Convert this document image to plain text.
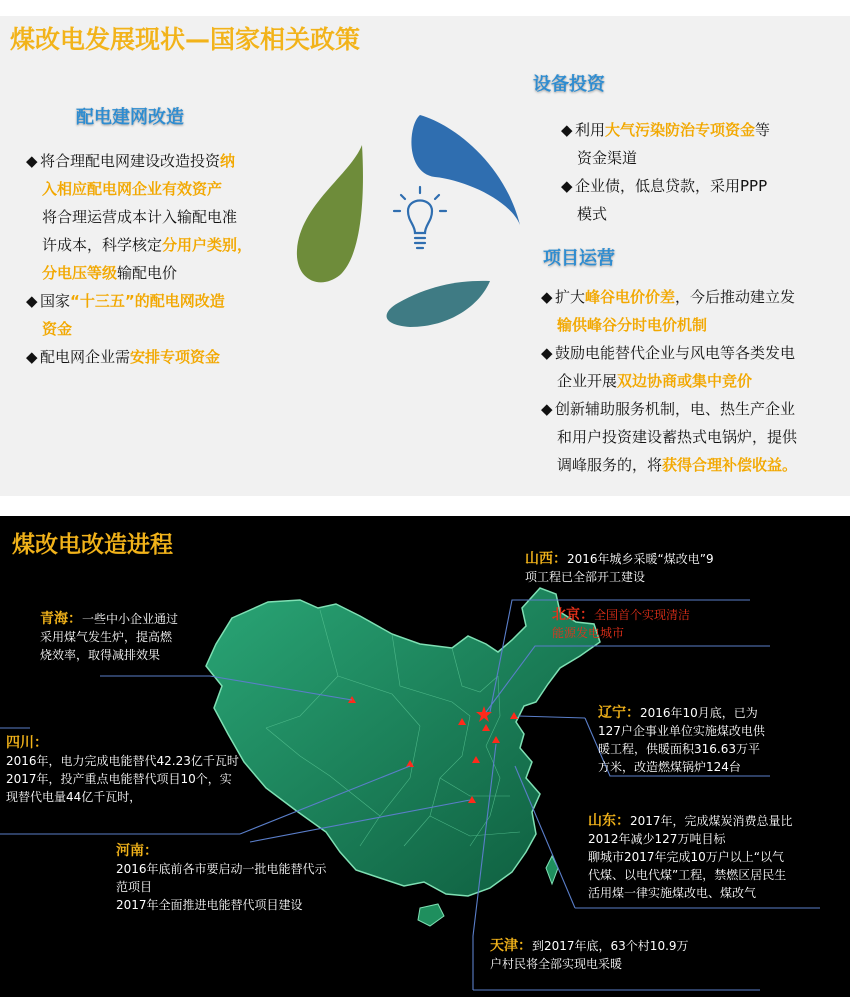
煤改电发展现状—国家相关政策
配电建网改造
◆ 将合理配电网建设改造投资纳
入相应配电网企业有效资产
将合理运营成本计入输配电准
许成本，科学核定分用户类别，
分电压等级输配电价
◆ 国家“十三五”的配电网改造
资金
◆ 配电网企业需安排专项资金
设备投资
◆ 利用大气污染防治专项资金等
资金渠道
◆ 企业债，低息贷款，采用PPP
模式
项目运营
◆ 扩大峰谷电价价差，今后推动建立发
输供峰谷分时电价机制
◆ 鼓励电能替代企业与风电等各类发电
企业开展双边协商或集中竞价
◆ 创新辅助服务机制，电、热生产企业
和用户投资建设蓄热式电锅炉，提供
调峰服务的，将获得合理补偿收益。
煤改电改造进程
山西：2016年城乡采暖“煤改电”9
项工程已全部开工建设
北京：全国首个实现清洁
能源发电城市
青海：一些中小企业通过
采用煤气发生炉，提高燃
烧效率，取得减排效果
辽宁：2016年10月底，已为
127户企事业单位实施煤改电供
暖工程，供暖面积316.63万平
方米，改造燃煤锅炉124台
四川：
2016年，电力完成电能替代42.23亿千瓦时
2017年，投产重点电能替代项目10个，实
现替代电量44亿千瓦时，
河南：
2016年底前各市要启动一批电能替代示
范项目
2017年全面推进电能替代项目建设
山东：2017年，完成煤炭消费总量比
2012年减少127万吨目标
聊城市2017年完成10万户以上“以气
代煤、以电代煤”工程，禁燃区居民生
活用煤一律实施煤改电、煤改气
天津：到2017年底，63个村10.9万
户村民将全部实现电采暖
